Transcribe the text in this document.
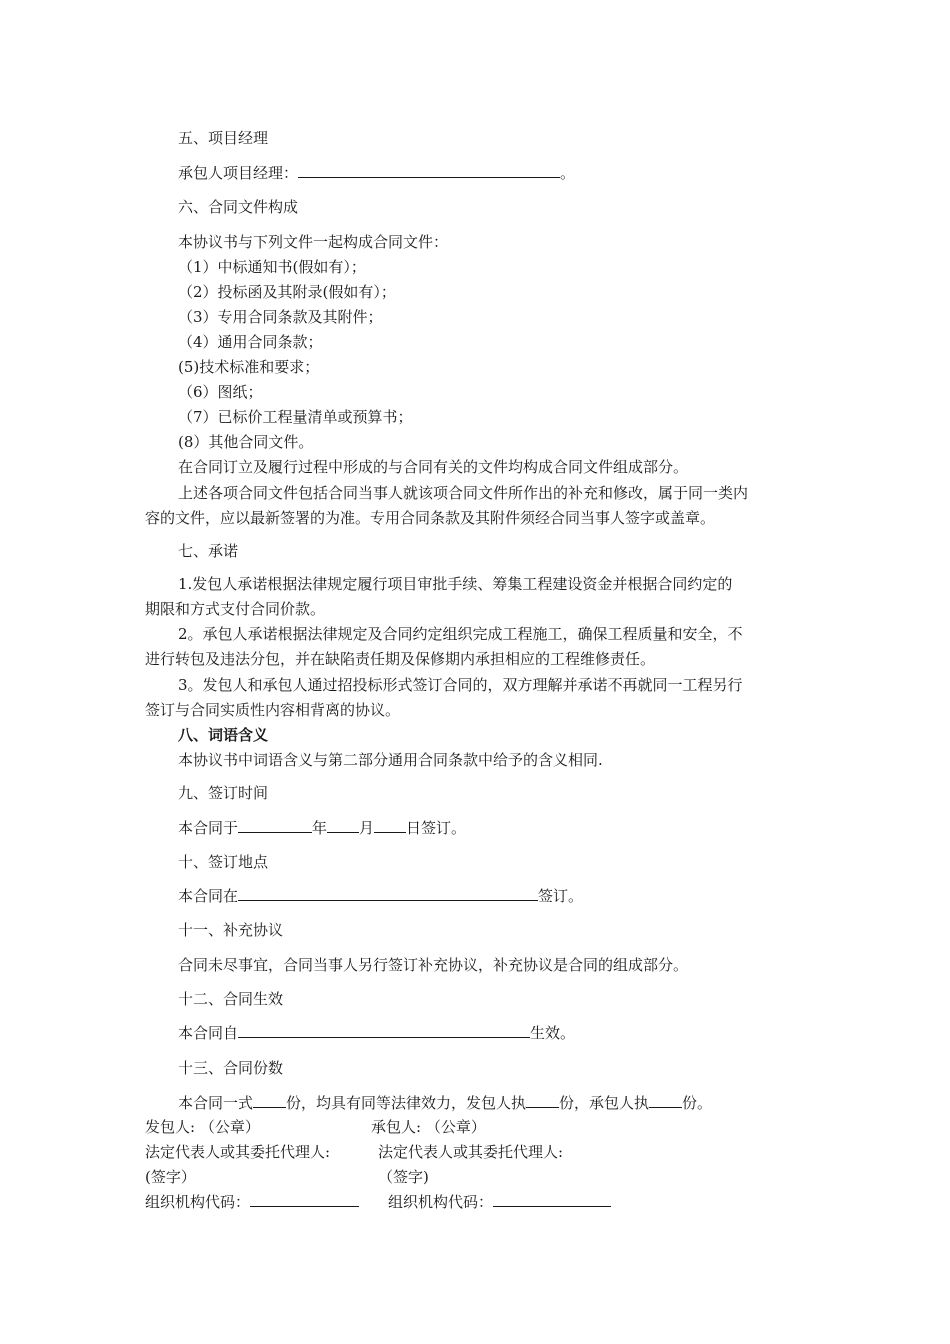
五、项目经理
承包人项目经理：	。
六、合同文件构成
本协议书与下列文件一起构成合同文件：
（1）中标通知书(假如有）；
（2）投标函及其附录(假如有）；
（3）专用合同条款及其附件；
（4）通用合同条款；
(5)技术标准和要求；
（6）图纸；
（7）已标价工程量清单或预算书；
(8）其他合同文件。
在合同订立及履行过程中形成的与合同有关的文件均构成合同文件组成部分。
上述各项合同文件包括合同当事人就该项合同文件所作出的补充和修改，属于同一类内
容的文件，应以最新签署的为准。专用合同条款及其附件须经合同当事人签字或盖章。
七、承诺
1.发包人承诺根据法律规定履行项目审批手续、筹集工程建设资金并根据合同约定的
期限和方式支付合同价款。
2。承包人承诺根据法律规定及合同约定组织完成工程施工，确保工程质量和安全，不
进行转包及违法分包，并在缺陷责任期及保修期内承担相应的工程维修责任。
3。发包人和承包人通过招投标形式签订合同的，双方理解并承诺不再就同一工程另行
签订与合同实质性内容相背离的协议。
八、词语含义
本协议书中词语含义与第二部分通用合同条款中给予的含义相同.
九、签订时间
本合同于	年 月 日签订。
十、签订地点
本合同在	签订。
十一、补充协议
合同未尽事宜，合同当事人另行签订补充协议，补充协议是合同的组成部分。
十二、合同生效
本合同自	生效。
十三、合同份数
本合同一式 份，均具有同等法律效力，发包人执 份，承包人执 份。
发包人: （公章）	承包人: （公章）
法定代表人或其委托代理人:	法定代表人或其委托代理人:
(签字）	（签字)
组织机构代码：	组织机构代码：
